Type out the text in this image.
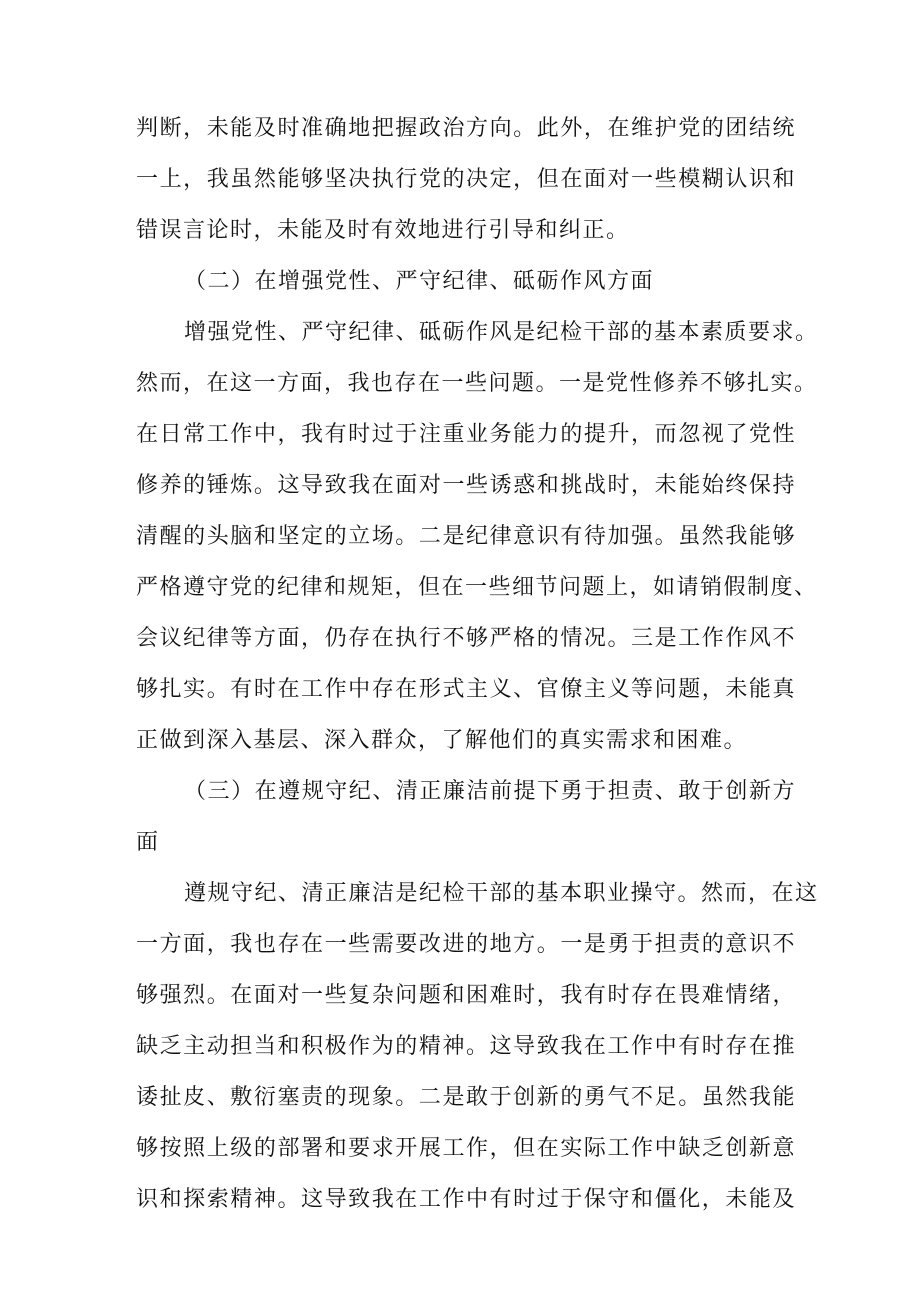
判断，未能及时准确地把握政治方向。此外，在维护党的团结统
一上，我虽然能够坚决执行党的决定，但在面对一些模糊认识和
错误言论时，未能及时有效地进行引导和纠正。
（二）在增强党性、严守纪律、砥砺作风方面
增强党性、严守纪律、砥砺作风是纪检干部的基本素质要求。
然而，在这一方面，我也存在一些问题。一是党性修养不够扎实。
在日常工作中，我有时过于注重业务能力的提升，而忽视了党性
修养的锤炼。这导致我在面对一些诱惑和挑战时，未能始终保持
清醒的头脑和坚定的立场。二是纪律意识有待加强。虽然我能够
严格遵守党的纪律和规矩，但在一些细节问题上，如请销假制度、
会议纪律等方面，仍存在执行不够严格的情况。三是工作作风不
够扎实。有时在工作中存在形式主义、官僚主义等问题，未能真
正做到深入基层、深入群众，了解他们的真实需求和困难。
（三）在遵规守纪、清正廉洁前提下勇于担责、敢于创新方
面
遵规守纪、清正廉洁是纪检干部的基本职业操守。然而，在这
一方面，我也存在一些需要改进的地方。一是勇于担责的意识不
够强烈。在面对一些复杂问题和困难时，我有时存在畏难情绪，
缺乏主动担当和积极作为的精神。这导致我在工作中有时存在推
诿扯皮、敷衍塞责的现象。二是敢于创新的勇气不足。虽然我能
够按照上级的部署和要求开展工作，但在实际工作中缺乏创新意
识和探索精神。这导致我在工作中有时过于保守和僵化，未能及
